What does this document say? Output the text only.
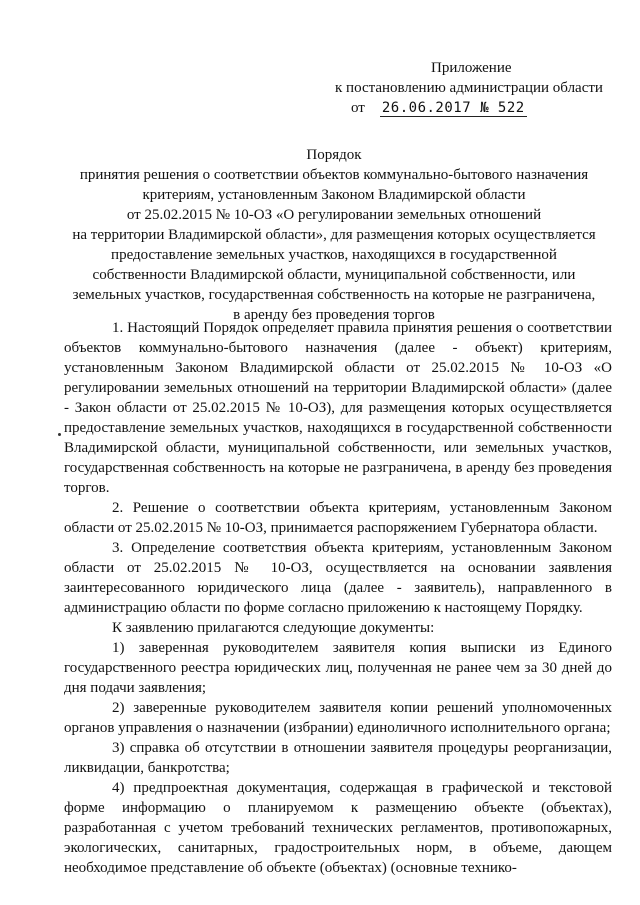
Приложение
к постановлению администрации области
от 26.06.2017 № 522
Порядок
принятия решения о соответствии объектов коммунально-бытового назначения
критериям, установленным Законом Владимирской области
от 25.02.2015 № 10-ОЗ «О регулировании земельных отношений
на территории Владимирской области», для размещения которых осуществляется
предоставление земельных участков, находящихся в государственной
собственности Владимирской области, муниципальной собственности, или
земельных участков, государственная собственность на которые не разграничена,
в аренду без проведения торгов

1. Настоящий Порядок определяет правила принятия решения о соответствии объектов коммунально-бытового назначения (далее - объект) критериям, установленным Законом Владимирской области от 25.02.2015 № 10-ОЗ «О регулировании земельных отношений на территории Владимирской области» (далее - Закон области от 25.02.2015 № 10-ОЗ), для размещения которых осуществляется предоставление земельных участков, находящихся в государственной собственности Владимирской области, муниципальной собственности, или земельных участков, государственная собственность на которые не разграничена, в аренду без проведения торгов.

2. Решение о соответствии объекта критериям, установленным Законом области от 25.02.2015 № 10-ОЗ, принимается распоряжением Губернатора области.

3. Определение соответствия объекта критериям, установленным Законом области от 25.02.2015 № 10-ОЗ, осуществляется на основании заявления заинтересованного юридического лица (далее - заявитель), направленного в администрацию области по форме согласно приложению к настоящему Порядку.

К заявлению прилагаются следующие документы:

1) заверенная руководителем заявителя копия выписки из Единого государственного реестра юридических лиц, полученная не ранее чем за 30 дней до дня подачи заявления;

2) заверенные руководителем заявителя копии решений уполномоченных органов управления о назначении (избрании) единоличного исполнительного органа;

3) справка об отсутствии в отношении заявителя процедуры реорганизации, ликвидации, банкротства;

4) предпроектная документация, содержащая в графической и текстовой форме информацию о планируемом к размещению объекте (объектах), разработанная с учетом требований технических регламентов, противопожарных, экологических, санитарных, градостроительных норм, в объеме, дающем необходимое представление об объекте (объектах) (основные технико-
